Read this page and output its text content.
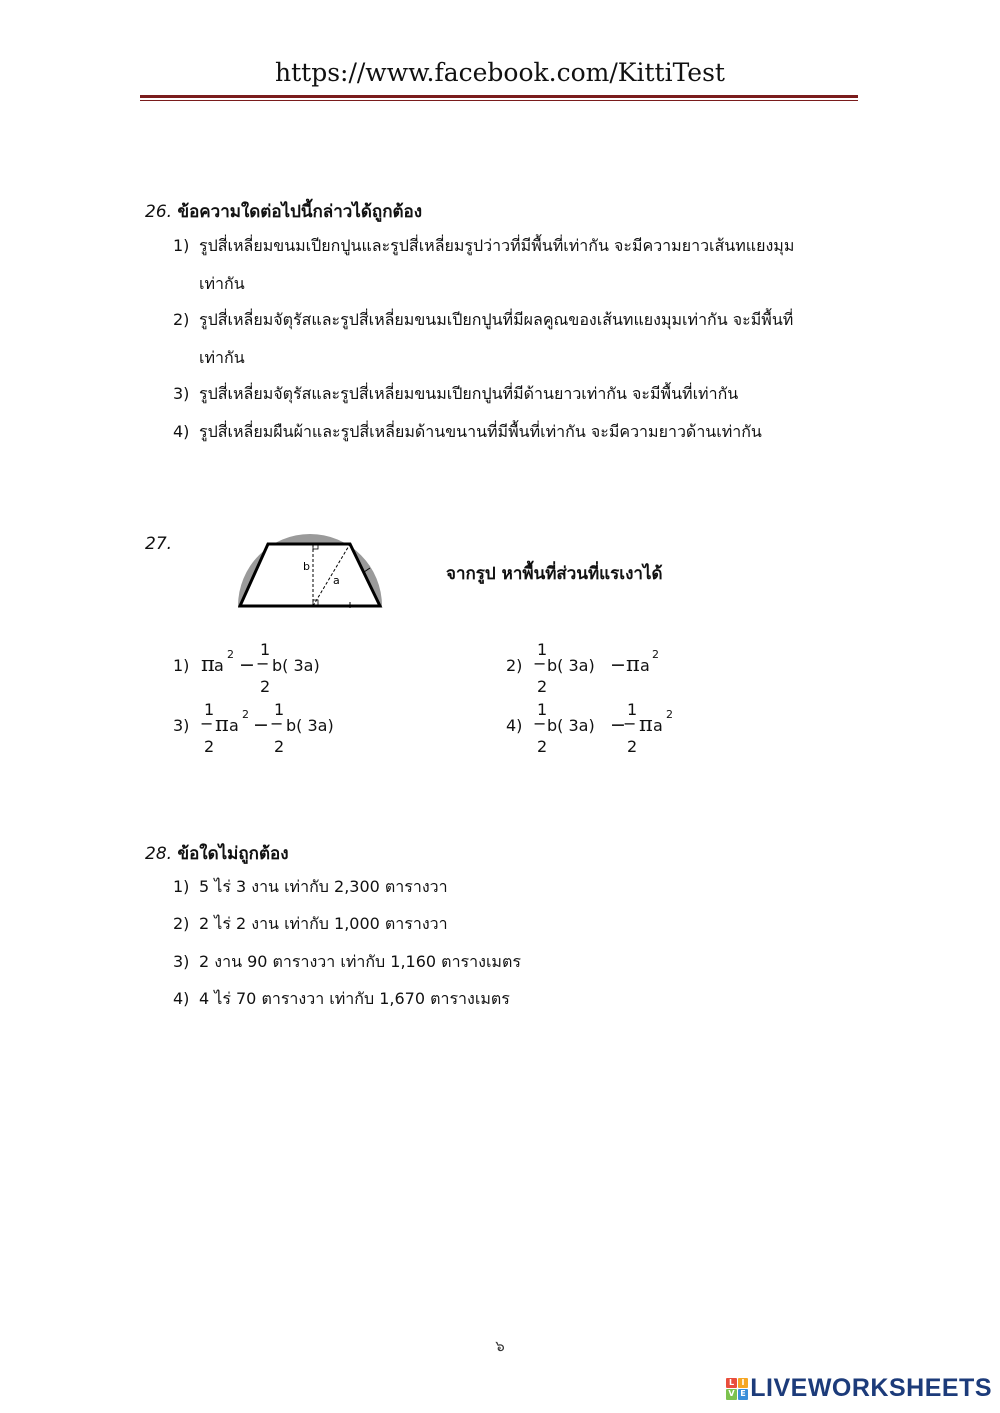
https://www.facebook.com/KittiTest
26. ข้อความใดต่อไปนี้กล่าวได้ถูกต้อง
1) รูปสี่เหลี่ยมขนมเปียกปูนและรูปสี่เหลี่ยมรูปว่าวที่มีพื้นที่เท่ากัน จะมีความยาวเส้นทแยงมุม
เท่ากัน
2) รูปสี่เหลี่ยมจัตุรัสและรูปสี่เหลี่ยมขนมเปียกปูนที่มีผลคูณของเส้นทแยงมุมเท่ากัน จะมีพื้นที่
เท่ากัน
3) รูปสี่เหลี่ยมจัตุรัสและรูปสี่เหลี่ยมขนมเปียกปูนที่มีด้านยาวเท่ากัน จะมีพื้นที่เท่ากัน
4) รูปสี่เหลี่ยมผืนผ้าและรูปสี่เหลี่ยมด้านขนานที่มีพื้นที่เท่ากัน จะมีความยาวด้านเท่ากัน
27.
b
a	จากรูป หาพื้นที่ส่วนที่แรเงาได้
1) π a
2 − −
1
2
b( 3a)	2) −
1
2
b( 3a) − π a
2
3) −
1
2
π a
2 − −
1
2
b( 3a)	4) −
1
2
b( 3a) −
−
1
2
π a
2
28. ข้อใดไม่ถูกต้อง
1) 5 ไร่ 3 งาน เท่ากับ 2,300 ตารางวา
2) 2 ไร่ 2 งาน เท่ากับ 1,000 ตารางวา
3) 2 งาน 90 ตารางวา เท่ากับ 1,160 ตารางเมตร
4) 4 ไร่ 70 ตารางวา เท่ากับ 1,670 ตารางเมตร
๖
L I
V E LIVEWORKSHEETS
